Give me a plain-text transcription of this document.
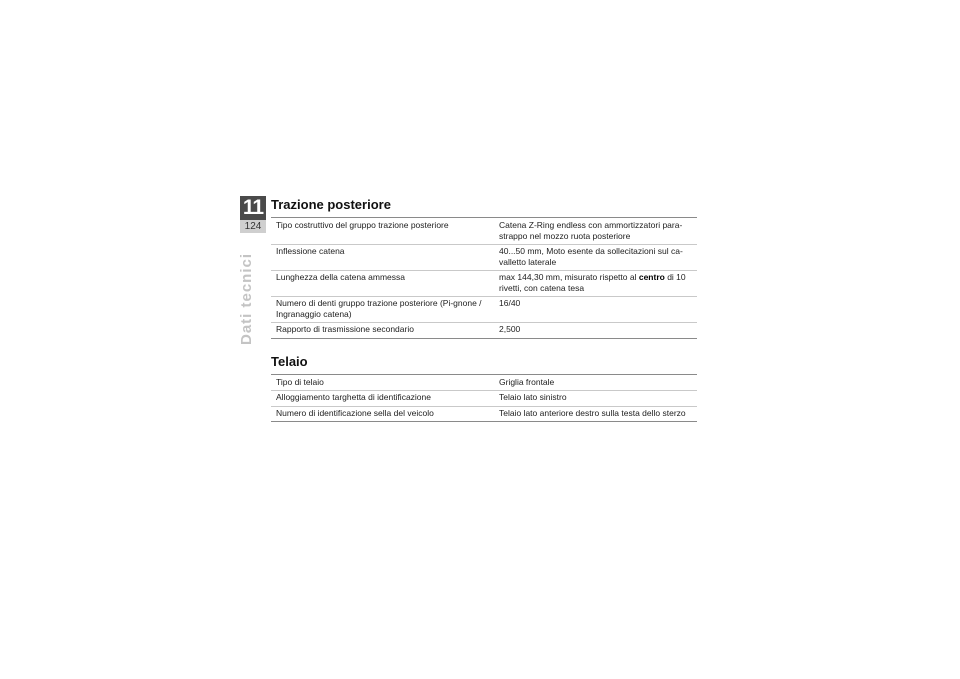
11
124
Dati tecnici
Trazione posteriore
Tipo costruttivo del gruppo trazione posteriore	Catena Z-Ring endless con ammortizzatori para-strappo nel mozzo ruota posteriore
Inflessione catena	40...50 mm, Moto esente da sollecitazioni sul ca-valletto laterale
Lunghezza della catena ammessa	max 144,30 mm, misurato rispetto al centro di 10 rivetti, con catena tesa
Numero di denti gruppo trazione posteriore (Pi-gnone / Ingranaggio catena)	16/40
Rapporto di trasmissione secondario	2,500
Telaio
Tipo di telaio	Griglia frontale
Alloggiamento targhetta di identificazione	Telaio lato sinistro
Numero di identificazione sella del veicolo	Telaio lato anteriore destro sulla testa dello sterzo
